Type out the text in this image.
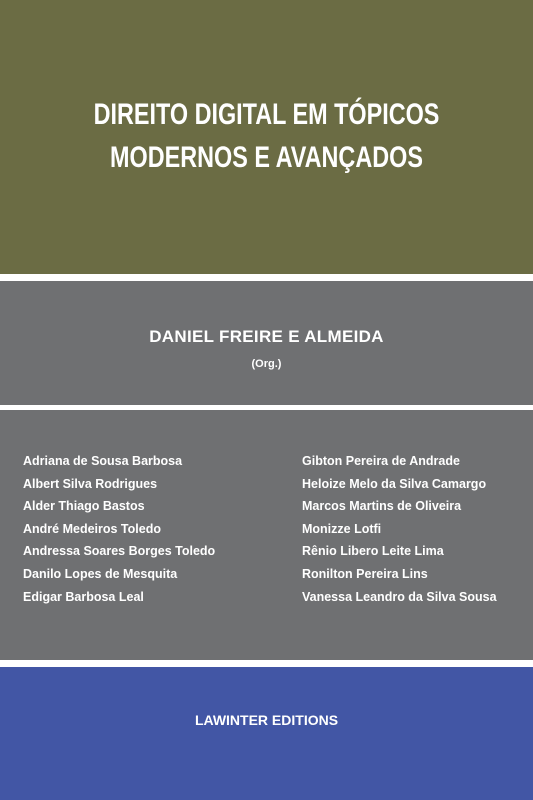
DIREITO DIGITAL EM TÓPICOS
MODERNOS E AVANÇADOS
DANIEL FREIRE E ALMEIDA
(Org.)
Adriana de Sousa Barbosa
Albert Silva Rodrigues
Alder Thiago Bastos
André Medeiros Toledo
Andressa Soares Borges Toledo
Danilo Lopes de Mesquita
Edigar Barbosa Leal
Gibton Pereira de Andrade
Heloize Melo da Silva Camargo
Marcos Martins de Oliveira
Monizze Lotfi
Rênio Libero Leite Lima
Ronilton Pereira Lins
Vanessa Leandro da Silva Sousa
LAWINTER EDITIONS
